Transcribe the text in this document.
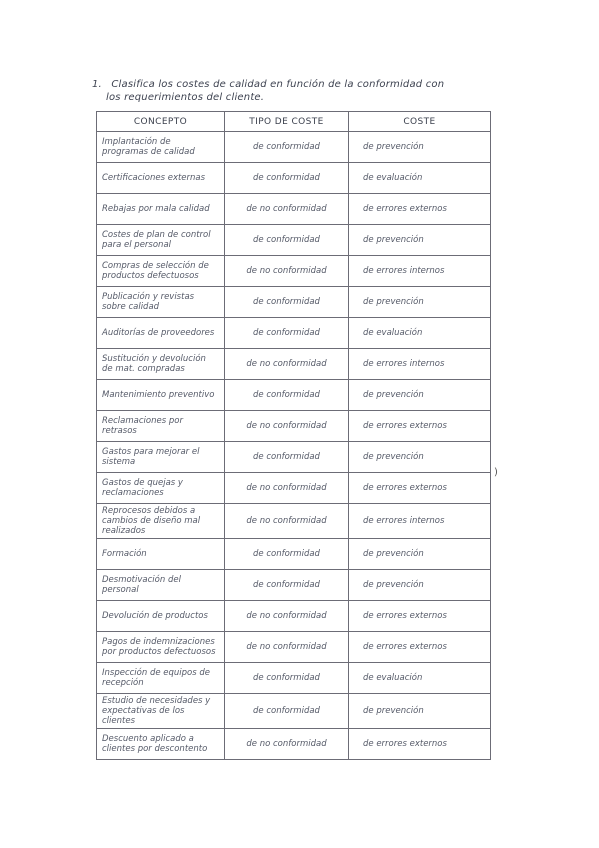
1. Clasifica los costes de calidad en función de la conformidad con
los requerimientos del cliente.
CONCEPTO	TIPO DE COSTE	COSTE
Implantación de programas de calidad	de conformidad	de prevención
Certificaciones externas	de conformidad	de evaluación
Rebajas por mala calidad	de no conformidad	de errores externos
Costes de plan de control para el personal	de conformidad	de prevención
Compras de selección de productos defectuosos	de no conformidad	de errores internos
Publicación y revistas sobre calidad	de conformidad	de prevención
Auditorías de proveedores	de conformidad	de evaluación
Sustitución y devolución de mat. compradas	de no conformidad	de errores internos
Mantenimiento preventivo	de conformidad	de prevención
Reclamaciones por retrasos	de no conformidad	de errores externos
Gastos para mejorar el sistema	de conformidad	de prevención
Gastos de quejas y reclamaciones	de no conformidad	de errores externos
Reprocesos debidos a cambios de diseño mal realizados	de no conformidad	de errores internos
Formación	de conformidad	de prevención
Desmotivación del personal	de conformidad	de prevención
Devolución de productos	de no conformidad	de errores externos
Pagos de indemnizaciones por productos defectuosos	de no conformidad	de errores externos
Inspección de equipos de recepción	de conformidad	de evaluación
Estudio de necesidades y expectativas de los clientes	de conformidad	de prevención
Descuento aplicado a clientes por descontento	de no conformidad	de errores externos
)
